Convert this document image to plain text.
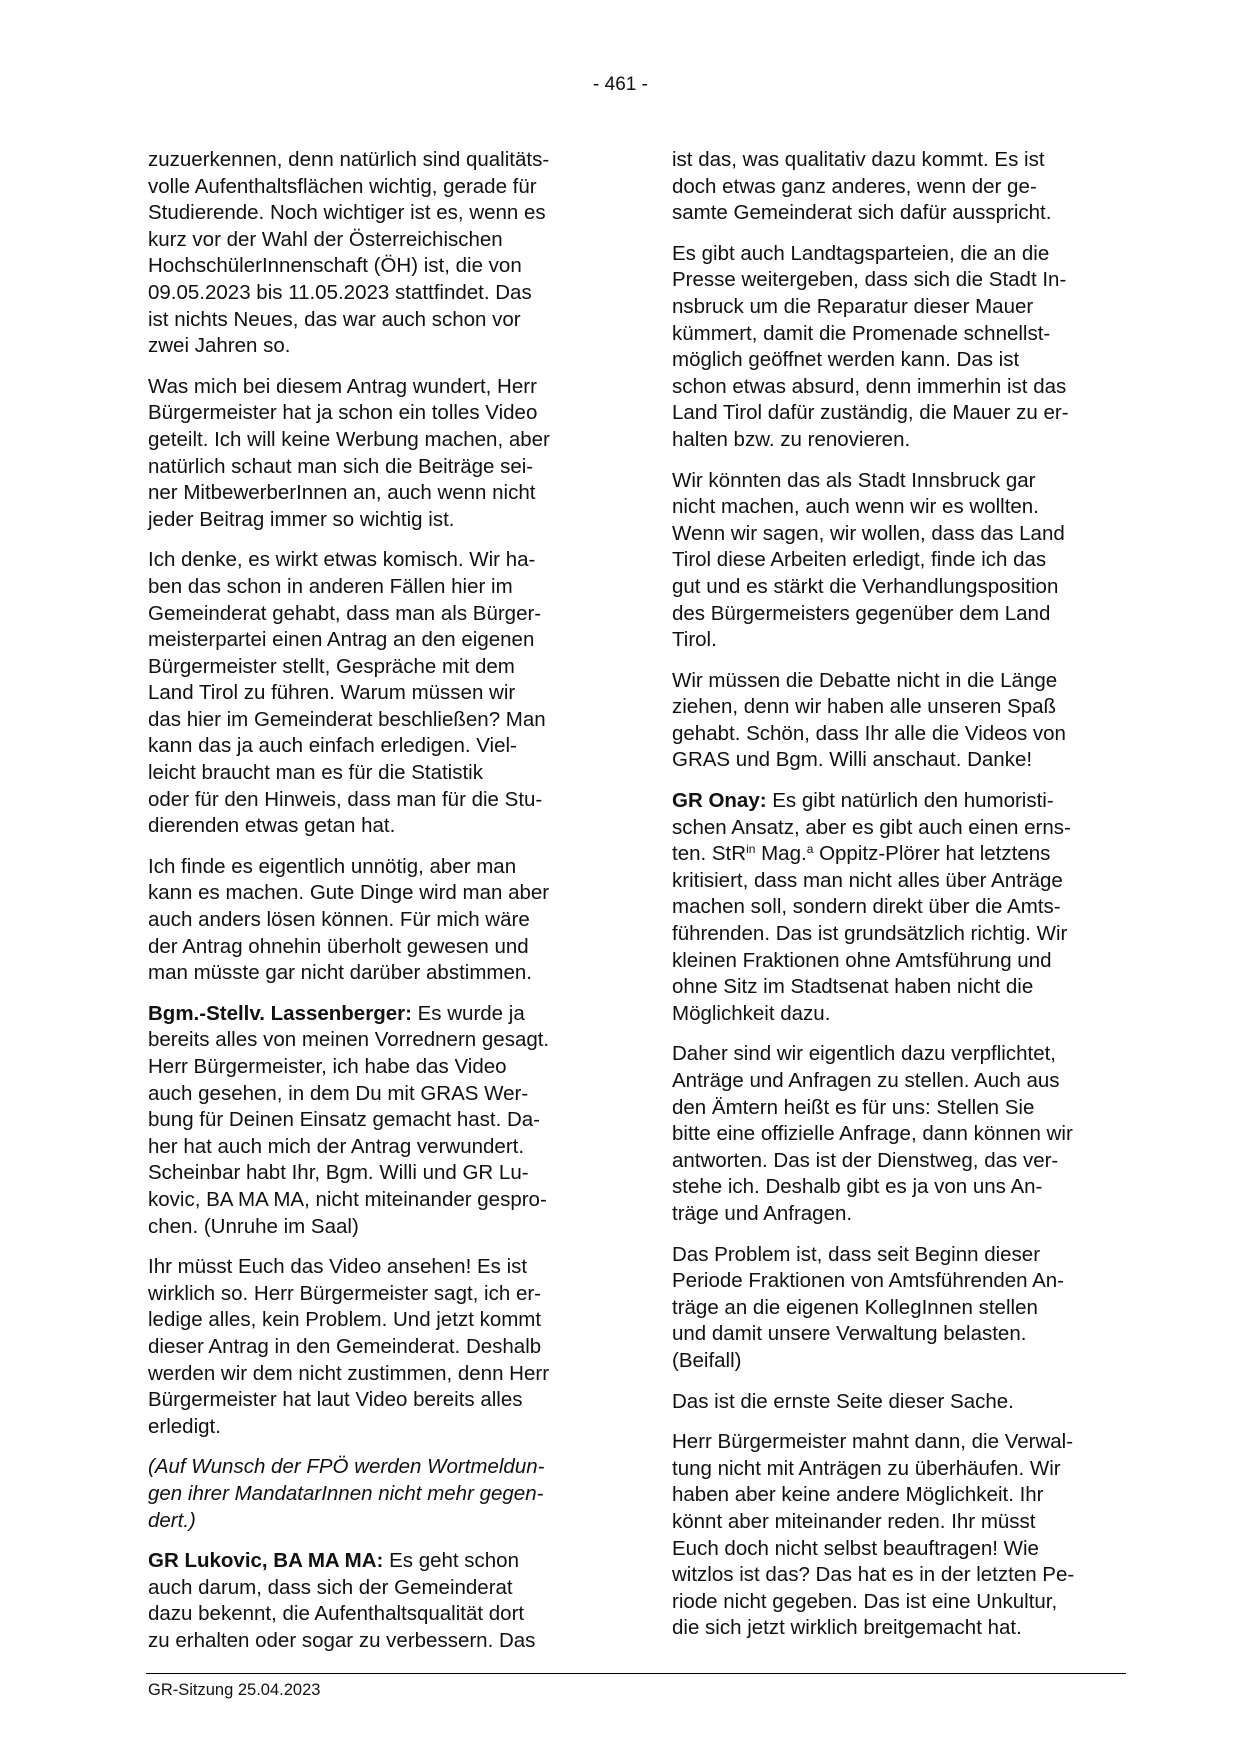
- 461 -

zuzuerkennen, denn natürlich sind qualitäts-
volle Aufenthaltsflächen wichtig, gerade für
Studierende. Noch wichtiger ist es, wenn es
kurz vor der Wahl der Österreichischen
HochschülerInnenschaft (ÖH) ist, die von
09.05.2023 bis 11.05.2023 stattfindet. Das
ist nichts Neues, das war auch schon vor
zwei Jahren so.

Was mich bei diesem Antrag wundert, Herr
Bürgermeister hat ja schon ein tolles Video
geteilt. Ich will keine Werbung machen, aber
natürlich schaut man sich die Beiträge sei-
ner MitbewerberInnen an, auch wenn nicht
jeder Beitrag immer so wichtig ist.

Ich denke, es wirkt etwas komisch. Wir ha-
ben das schon in anderen Fällen hier im
Gemeinderat gehabt, dass man als Bürger-
meisterpartei einen Antrag an den eigenen
Bürgermeister stellt, Gespräche mit dem
Land Tirol zu führen. Warum müssen wir
das hier im Gemeinderat beschließen? Man
kann das ja auch einfach erledigen. Viel-
leicht braucht man es für die Statistik
oder für den Hinweis, dass man für die Stu-
dierenden etwas getan hat.

Ich finde es eigentlich unnötig, aber man
kann es machen. Gute Dinge wird man aber
auch anders lösen können. Für mich wäre
der Antrag ohnehin überholt gewesen und
man müsste gar nicht darüber abstimmen.

Bgm.-Stellv. Lassenberger: Es wurde ja
bereits alles von meinen Vorrednern gesagt.
Herr Bürgermeister, ich habe das Video
auch gesehen, in dem Du mit GRAS Wer-
bung für Deinen Einsatz gemacht hast. Da-
her hat auch mich der Antrag verwundert.
Scheinbar habt Ihr, Bgm. Willi und GR Lu-
kovic, BA MA MA, nicht miteinander gespro-
chen. (Unruhe im Saal)

Ihr müsst Euch das Video ansehen! Es ist
wirklich so. Herr Bürgermeister sagt, ich er-
ledige alles, kein Problem. Und jetzt kommt
dieser Antrag in den Gemeinderat. Deshalb
werden wir dem nicht zustimmen, denn Herr
Bürgermeister hat laut Video bereits alles
erledigt.

(Auf Wunsch der FPÖ werden Wortmeldun-
gen ihrer MandatarInnen nicht mehr gegen-
dert.)

GR Lukovic, BA MA MA: Es geht schon
auch darum, dass sich der Gemeinderat
dazu bekennt, die Aufenthaltsqualität dort
zu erhalten oder sogar zu verbessern. Das

ist das, was qualitativ dazu kommt. Es ist
doch etwas ganz anderes, wenn der ge-
samte Gemeinderat sich dafür ausspricht.

Es gibt auch Landtagsparteien, die an die
Presse weitergeben, dass sich die Stadt In-
nsbruck um die Reparatur dieser Mauer
kümmert, damit die Promenade schnellst-
möglich geöffnet werden kann. Das ist
schon etwas absurd, denn immerhin ist das
Land Tirol dafür zuständig, die Mauer zu er-
halten bzw. zu renovieren.

Wir könnten das als Stadt Innsbruck gar
nicht machen, auch wenn wir es wollten.
Wenn wir sagen, wir wollen, dass das Land
Tirol diese Arbeiten erledigt, finde ich das
gut und es stärkt die Verhandlungsposition
des Bürgermeisters gegenüber dem Land
Tirol.

Wir müssen die Debatte nicht in die Länge
ziehen, denn wir haben alle unseren Spaß
gehabt. Schön, dass Ihr alle die Videos von
GRAS und Bgm. Willi anschaut. Danke!

GR Onay: Es gibt natürlich den humoristi-
schen Ansatz, aber es gibt auch einen erns-
ten. StR$^{in}$ Mag.$^a$ Oppitz-Plörer hat letztens
kritisiert, dass man nicht alles über Anträge
machen soll, sondern direkt über die Amts-
führenden. Das ist grundsätzlich richtig. Wir
kleinen Fraktionen ohne Amtsführung und
ohne Sitz im Stadtsenat haben nicht die
Möglichkeit dazu.

Daher sind wir eigentlich dazu verpflichtet,
Anträge und Anfragen zu stellen. Auch aus
den Ämtern heißt es für uns: Stellen Sie
bitte eine offizielle Anfrage, dann können wir
antworten. Das ist der Dienstweg, das ver-
stehe ich. Deshalb gibt es ja von uns An-
träge und Anfragen.

Das Problem ist, dass seit Beginn dieser
Periode Fraktionen von Amtsführenden An-
träge an die eigenen KollegInnen stellen
und damit unsere Verwaltung belasten.
(Beifall)

Das ist die ernste Seite dieser Sache.

Herr Bürgermeister mahnt dann, die Verwal-
tung nicht mit Anträgen zu überhäufen. Wir
haben aber keine andere Möglichkeit. Ihr
könnt aber miteinander reden. Ihr müsst
Euch doch nicht selbst beauftragen! Wie
witzlos ist das? Das hat es in der letzten Pe-
riode nicht gegeben. Das ist eine Unkultur,
die sich jetzt wirklich breitgemacht hat.

GR-Sitzung 25.04.2023
